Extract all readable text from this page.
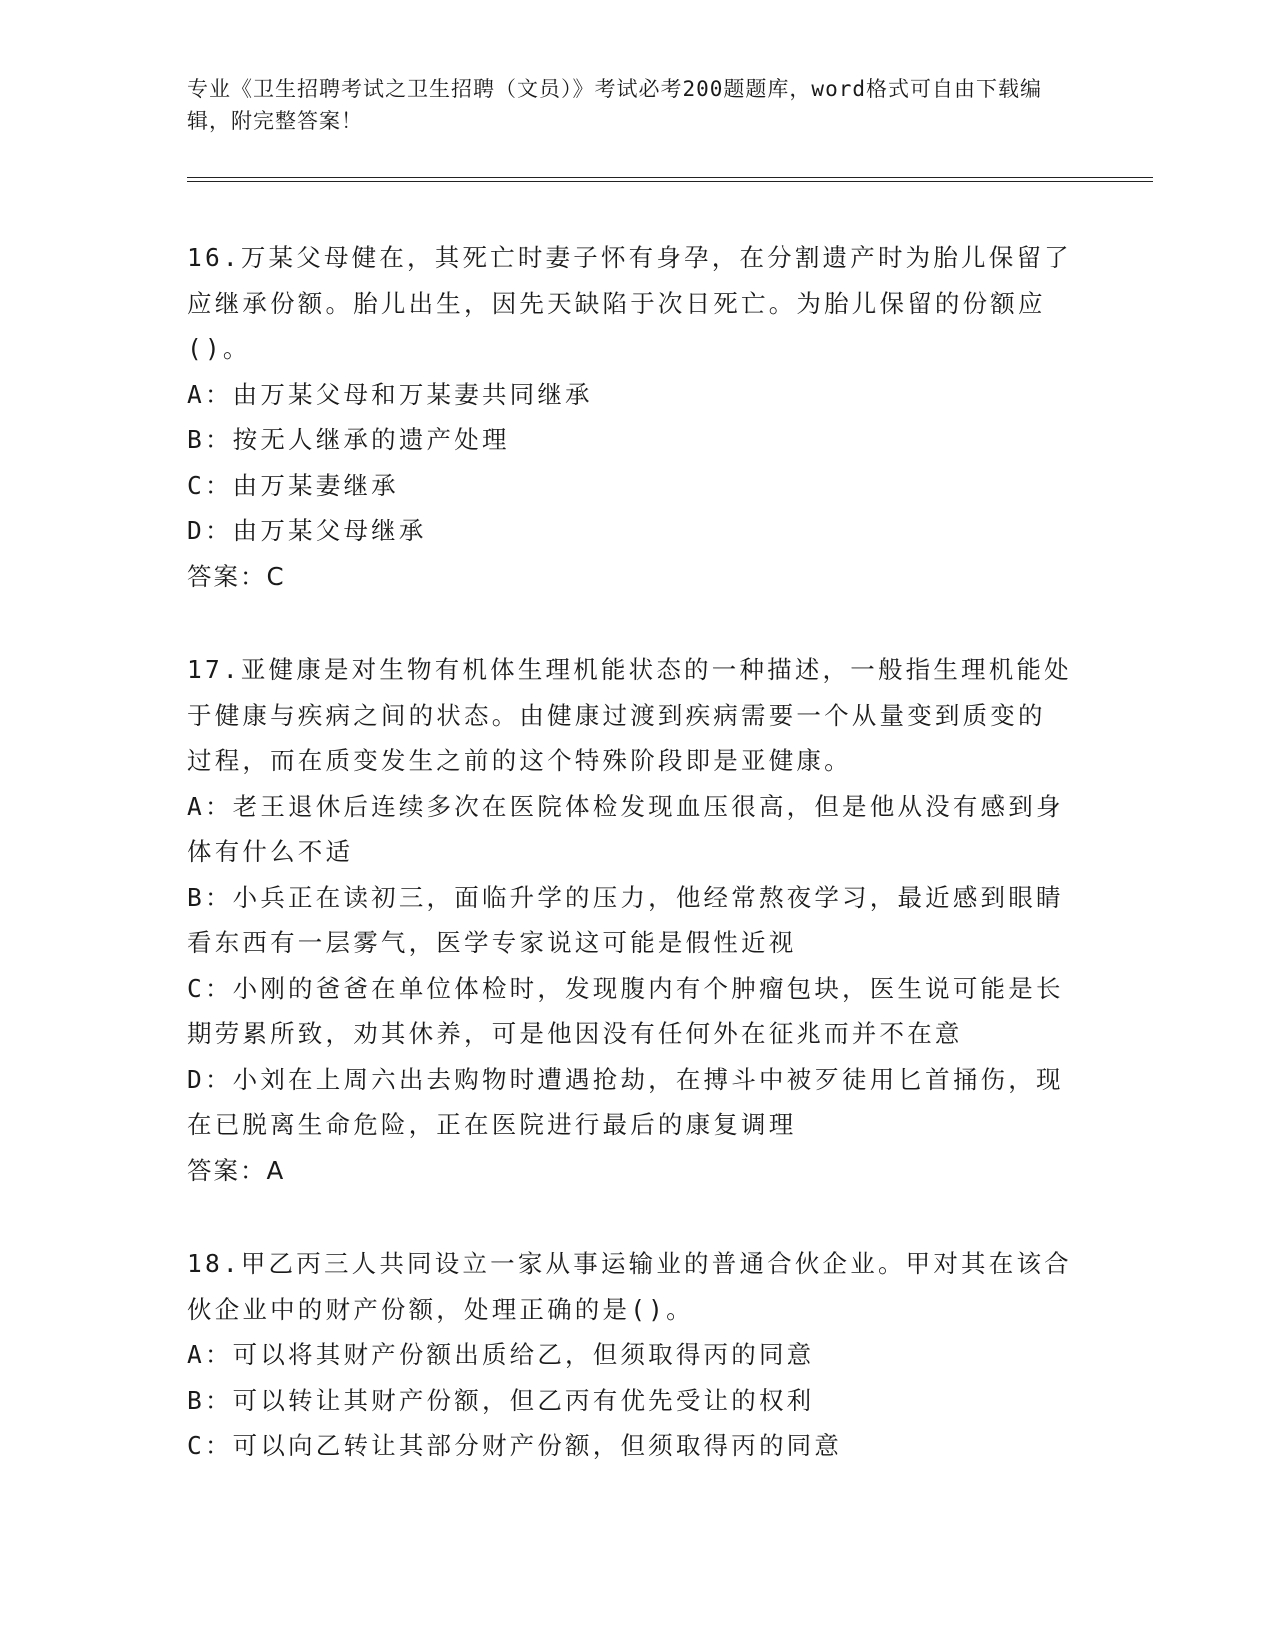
专业《卫生招聘考试之卫生招聘（文员）》考试必考200题题库，word格式可自由下载编辑，附完整答案！
16.万某父母健在，其死亡时妻子怀有身孕，在分割遗产时为胎儿保留了应继承份额。胎儿出生，因先天缺陷于次日死亡。为胎儿保留的份额应()。
A：由万某父母和万某妻共同继承
B：按无人继承的遗产处理
C：由万某妻继承
D：由万某父母继承
答案：C
17.亚健康是对生物有机体生理机能状态的一种描述，一般指生理机能处于健康与疾病之间的状态。由健康过渡到疾病需要一个从量变到质变的过程，而在质变发生之前的这个特殊阶段即是亚健康。
A：老王退休后连续多次在医院体检发现血压很高，但是他从没有感到身体有什么不适
B：小兵正在读初三，面临升学的压力，他经常熬夜学习，最近感到眼睛看东西有一层雾气，医学专家说这可能是假性近视
C：小刚的爸爸在单位体检时，发现腹内有个肿瘤包块，医生说可能是长期劳累所致，劝其休养，可是他因没有任何外在征兆而并不在意
D：小刘在上周六出去购物时遭遇抢劫，在搏斗中被歹徒用匕首捅伤，现在已脱离生命危险，正在医院进行最后的康复调理
答案：A
18.甲乙丙三人共同设立一家从事运输业的普通合伙企业。甲对其在该合伙企业中的财产份额，处理正确的是()。
A：可以将其财产份额出质给乙，但须取得丙的同意
B：可以转让其财产份额，但乙丙有优先受让的权利
C：可以向乙转让其部分财产份额，但须取得丙的同意
